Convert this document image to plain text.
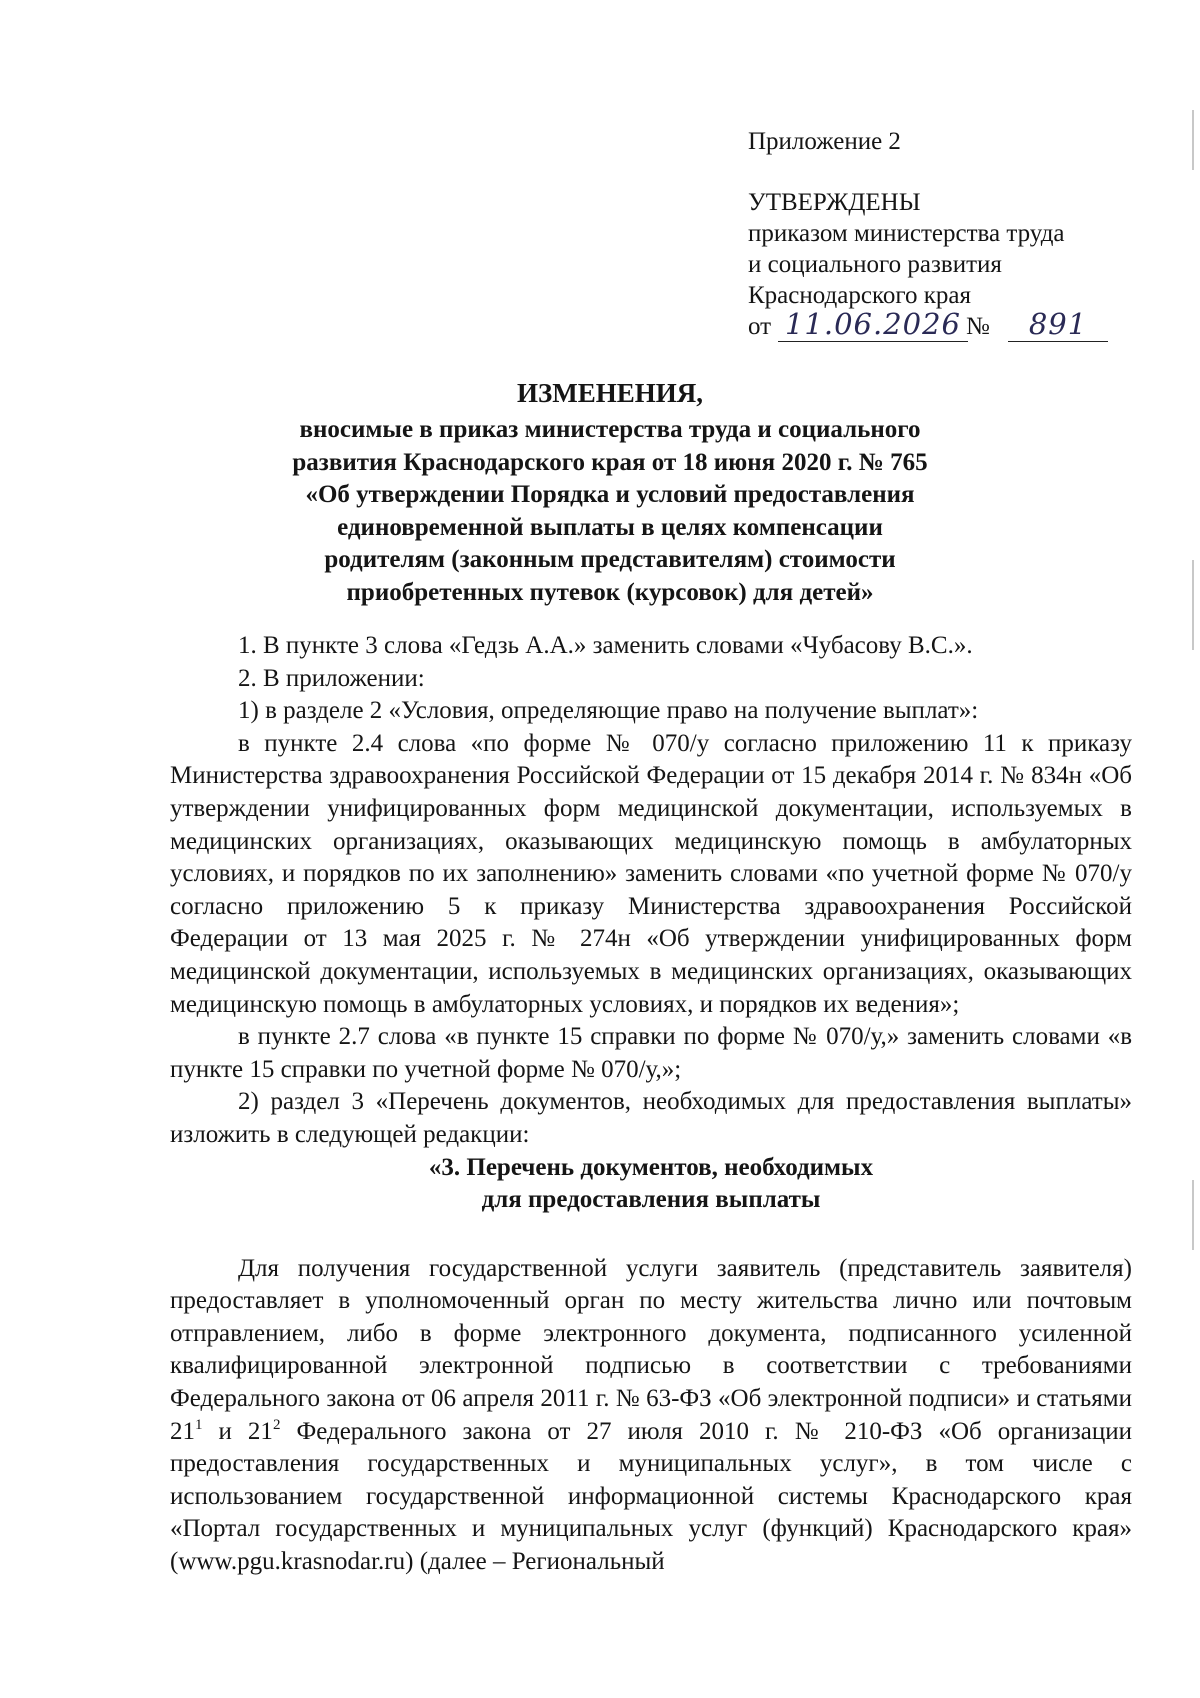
Приложение 2
УТВЕРЖДЕНЫ
приказом министерства труда
и социального развития
Краснодарского края
от 11.06.2026 №	891
ИЗМЕНЕНИЯ,
вносимые в приказ министерства труда и социального
развития Краснодарского края от 18 июня 2020 г. № 765
«Об утверждении Порядка и условий предоставления
единовременной выплаты в целях компенсации
родителям (законным представителям) стоимости
приобретенных путевок (курсовок) для детей»

1. В пункте 3 слова «Гедзь А.А.» заменить словами «Чубасову В.С.».

2. В приложении:

1) в разделе 2 «Условия, определяющие право на получение выплат»:

в пункте 2.4 слова «по форме № 070/у согласно приложению 11 к приказу Министерства здравоохранения Российской Федерации от 15 декабря 2014 г. № 834н «Об утверждении унифицированных форм медицинской документации, используемых в медицинских организациях, оказывающих медицинскую помощь в амбулаторных условиях, и порядков по их заполнению» заменить словами «по учетной форме № 070/у согласно приложению 5 к приказу Министерства здравоохранения Российской Федерации от 13 мая 2025 г. № 274н «Об утверждении унифицированных форм медицинской документации, используемых в медицинских организациях, оказывающих медицинскую помощь в амбулаторных условиях, и порядков их ведения»;

в пункте 2.7 слова «в пункте 15 справки по форме № 070/у,» заменить словами «в пункте 15 справки по учетной форме № 070/у,»;

2) раздел 3 «Перечень документов, необходимых для предоставления выплаты» изложить в следующей редакции:

«3. Перечень документов, необходимых

для предоставления выплаты

Для получения государственной услуги заявитель (представитель заявителя) предоставляет в уполномоченный орган по месту жительства лично или почтовым отправлением, либо в форме электронного документа, подписанного усиленной квалифицированной электронной подписью в соответствии с требованиями Федерального закона от 06 апреля 2011 г. № 63-ФЗ «Об электронной подписи» и статьями $21^1$ и $21^2$ Федерального закона от 27 июля 2010 г. № 210-ФЗ «Об организации предоставления государственных и муниципальных услуг», в том числе с использованием государственной информационной системы Краснодарского края «Портал государственных и муниципальных услуг (функций) Краснодарского края» (www.pgu.krasnodar.ru) (далее – Региональный
